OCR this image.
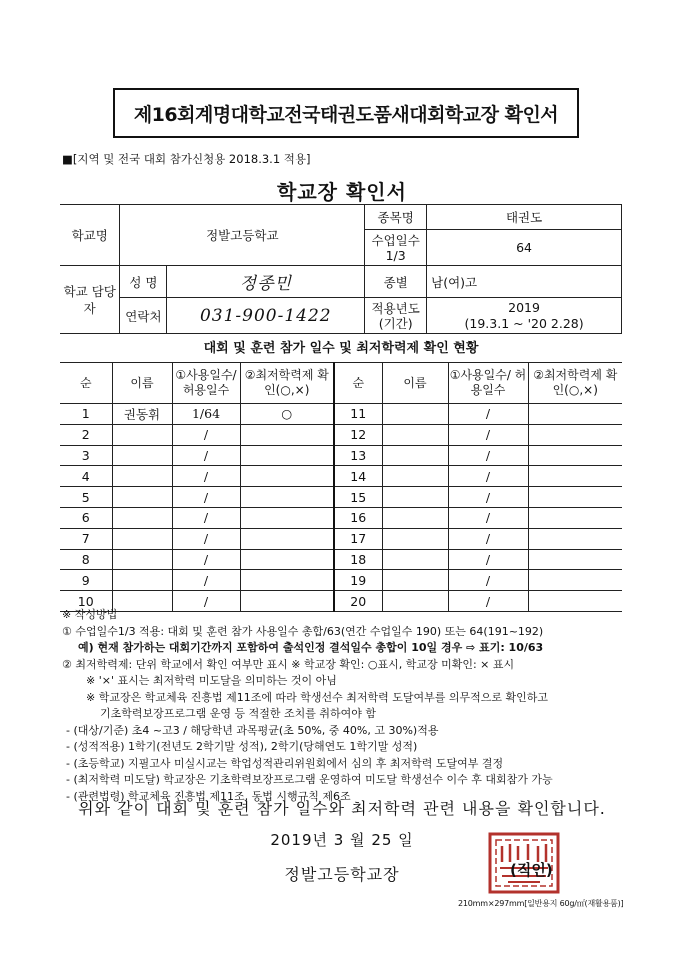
제16회계명대학교전국태권도품새대회학교장 확인서
■[지역 및 전국 대회 참가신청용 2018.3.1 적용]
학교장 확인서
학교명	정발고등학교		종목명	태권도
			수업일수 1/3	64
학교 담당자	성 명	정종민	종별	남(여)고
	연락처	031-900-1422	적용년도 (기간)	2019
(19.3.1 ~ '20 2.28)
대회 및 훈련 참가 일수 및 최저학력제 확인 현황
순	이름	①사용일수/ 허용일수	②최저학력제 확인(○,×)	순	이름	①사용일수/ 허용일수	②최저학력제 확인(○,×)
1	권동휘	1/64	○	11		/	
2		/		12		/	
3		/		13		/	
4		/		14		/	
5		/		15		/	
6		/		16		/	
7		/		17		/	
8		/		18		/	
9		/		19		/	
10		/		20		/	

※ 작성방법

① 수업일수1/3 적용: 대회 및 훈련 참가 사용일수 총합/63(연간 수업일수 190) 또는 64(191~192)

예) 현재 참가하는 대회기간까지 포함하여 출석인정 결석일수 총합이 10일 경우 ⇨ 표기: 10/63

② 최저학력제: 단위 학교에서 확인 여부만 표시 ※ 학교장 확인: ○표시, 학교장 미확인: × 표시

※ '×' 표시는 최저학력 미도달을 의미하는 것이 아님

※ 학교장은 학교체육 진흥법 제11조에 따라 학생선수 최저학력 도달여부를 의무적으로 확인하고

기초학력보장프로그램 운영 등 적절한 조치를 취하여야 함

- (대상/기준) 초4 ~고3 / 해당학년 과목평균(초 50%, 중 40%, 고 30%)적용

- (성적적용) 1학기(전년도 2학기말 성적), 2학기(당해연도 1학기말 성적)

- (초등학교) 지필고사 미실시교는 학업성적관리위원회에서 심의 후 최저학력 도달여부 결정

- (최저학력 미도달) 학교장은 기초학력보장프로그램 운영하여 미도달 학생선수 이수 후 대회참가 가능

- (관련법령) 학교체육 진흥법 제11조, 동법 시행규칙 제6조

위와 같이 대회 및 훈련 참가 일수와 최저학력 관련 내용을 확인합니다.
2019년 3 월 25 일
정발고등학교장	(직인)
210mm×297mm[일반용지 60g/㎡(재활용품)]
